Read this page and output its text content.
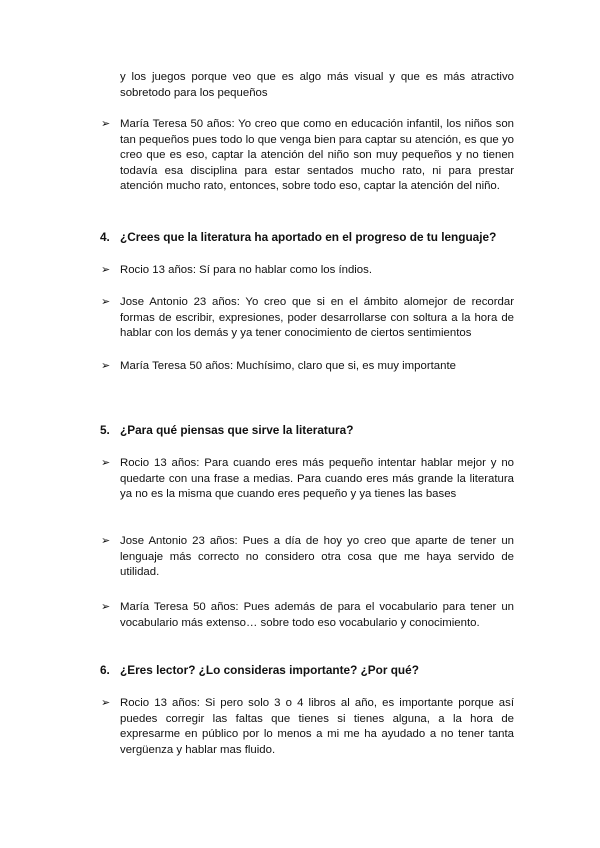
y los juegos porque veo que es algo más visual y que es más atractivo sobretodo para los pequeños
➢ María Teresa 50 años: Yo creo que como en educación infantil, los niños son tan pequeños pues todo lo que venga bien para captar su atención, es que yo creo que es eso, captar la atención del niño son muy pequeños y no tienen todavía esa disciplina para estar sentados mucho rato, ni para prestar atención mucho rato, entonces, sobre todo eso, captar la atención del niño.
4. ¿Crees que la literatura ha aportado en el progreso de tu lenguaje?
➢ Rocio 13 años: Sí para no hablar como los índios.
➢ Jose Antonio 23 años: Yo creo que si en el ámbito alomejor de recordar formas de escribir, expresiones, poder desarrollarse con soltura a la hora de hablar con los demás y ya tener conocimiento de ciertos sentimientos
➢ María Teresa 50 años: Muchísimo, claro que si, es muy importante
5. ¿Para qué piensas que sirve la literatura?
➢ Rocio 13 años: Para cuando eres más pequeño intentar hablar mejor y no quedarte con una frase a medias. Para cuando eres más grande la literatura ya no es la misma que cuando eres pequeño y ya tienes las bases
➢ Jose Antonio 23 años: Pues a día de hoy yo creo que aparte de tener un lenguaje más correcto no considero otra cosa que me haya servido de utilidad.
➢ María Teresa 50 años: Pues además de para el vocabulario para tener un vocabulario más extenso… sobre todo eso vocabulario y conocimiento.
6. ¿Eres lector? ¿Lo consideras importante? ¿Por qué?
➢ Rocio 13 años: Si pero solo 3 o 4 libros al año, es importante porque así puedes corregir las faltas que tienes si tienes alguna, a la hora de expresarme en público por lo menos a mi me ha ayudado a no tener tanta vergüenza y hablar mas fluido.
